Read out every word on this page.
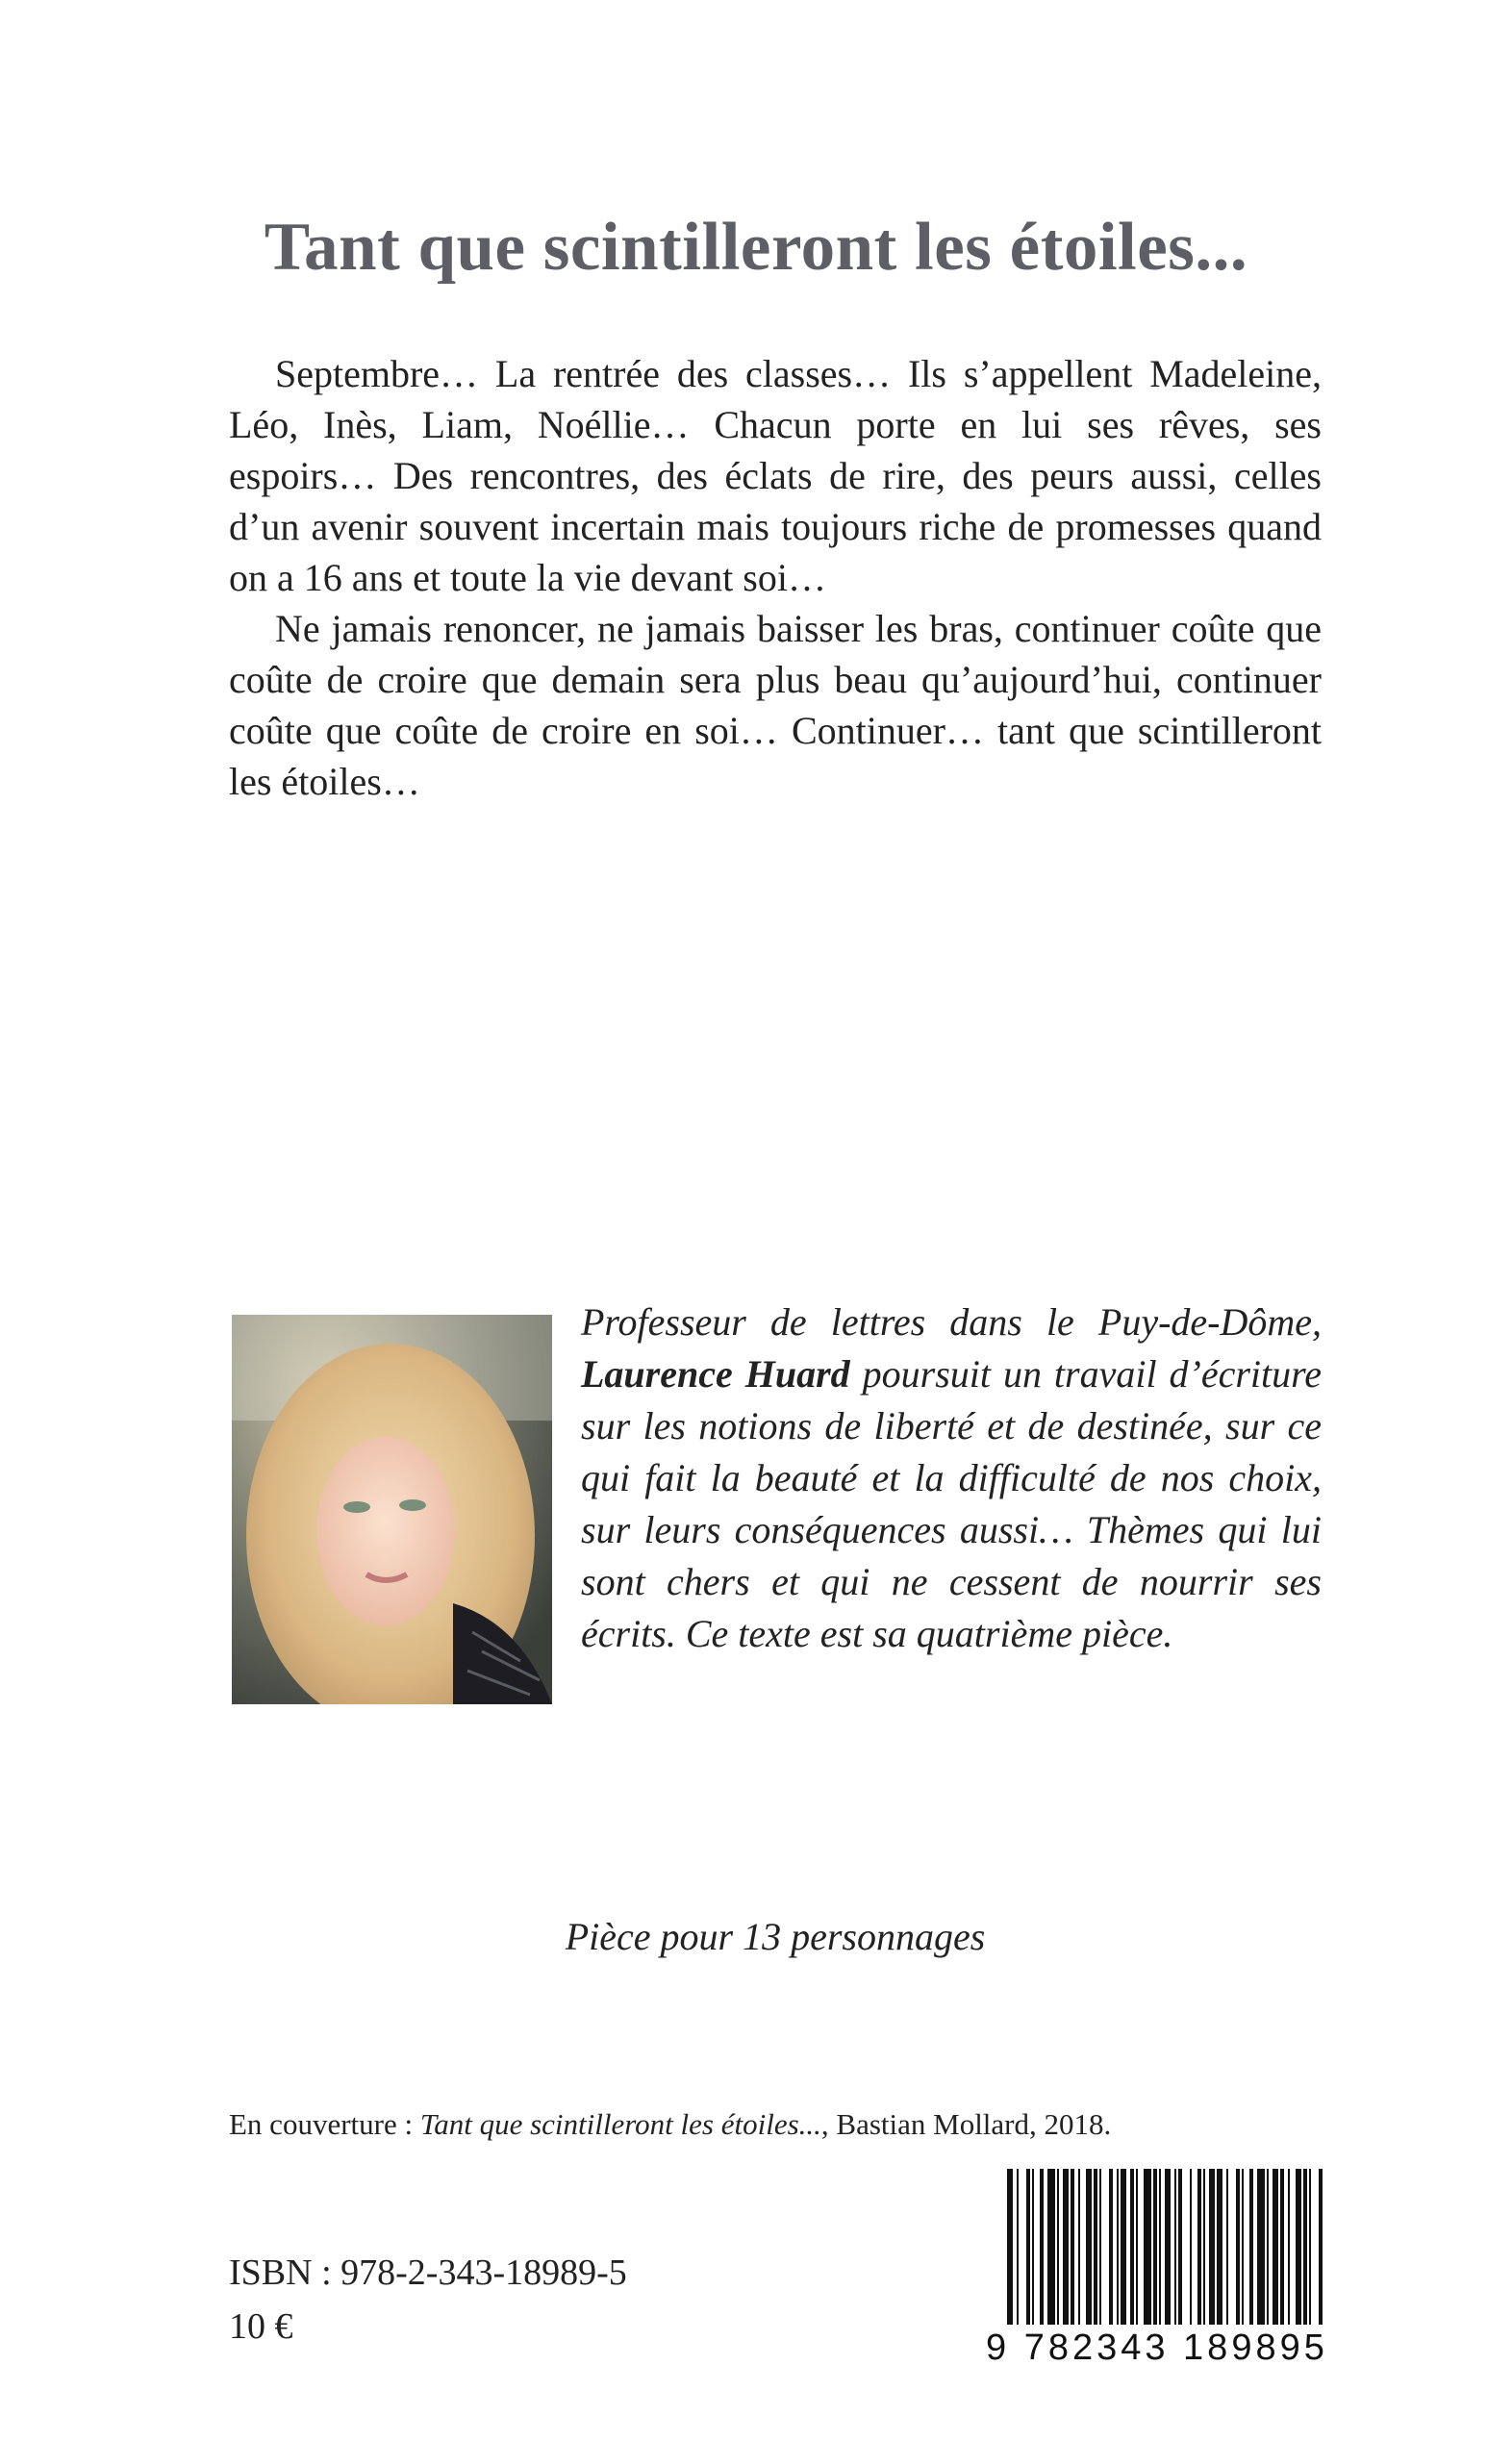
Tant que scintilleront les étoiles...

Septembre… La rentrée des classes… Ils s’appellent Madeleine, Léo, Inès, Liam, Noéllie… Chacun porte en lui ses rêves, ses espoirs… Des rencontres, des éclats de rire, des peurs aussi, celles d’un avenir souvent incertain mais toujours riche de promesses quand on a 16 ans et toute la vie devant soi…

Ne jamais renoncer, ne jamais baisser les bras, continuer coûte que coûte de croire que demain sera plus beau qu’aujourd’hui, continuer coûte que coûte de croire en soi… Continuer… tant que scintilleront les étoiles…

Professeur de lettres dans le Puy-de-Dôme, Laurence Huard poursuit un travail d’écriture sur les notions de liberté et de destinée, sur ce qui fait la beauté et la difficulté de nos choix, sur leurs conséquences aussi… Thèmes qui lui sont chers et qui ne cessent de nourrir ses écrits. Ce texte est sa quatrième pièce.

Pièce pour 13 personnages

En couverture : Tant que scintilleront les étoiles..., Bastian Mollard, 2018.

ISBN : 978-2-343-18989-5

10 €

9 782343 189895
